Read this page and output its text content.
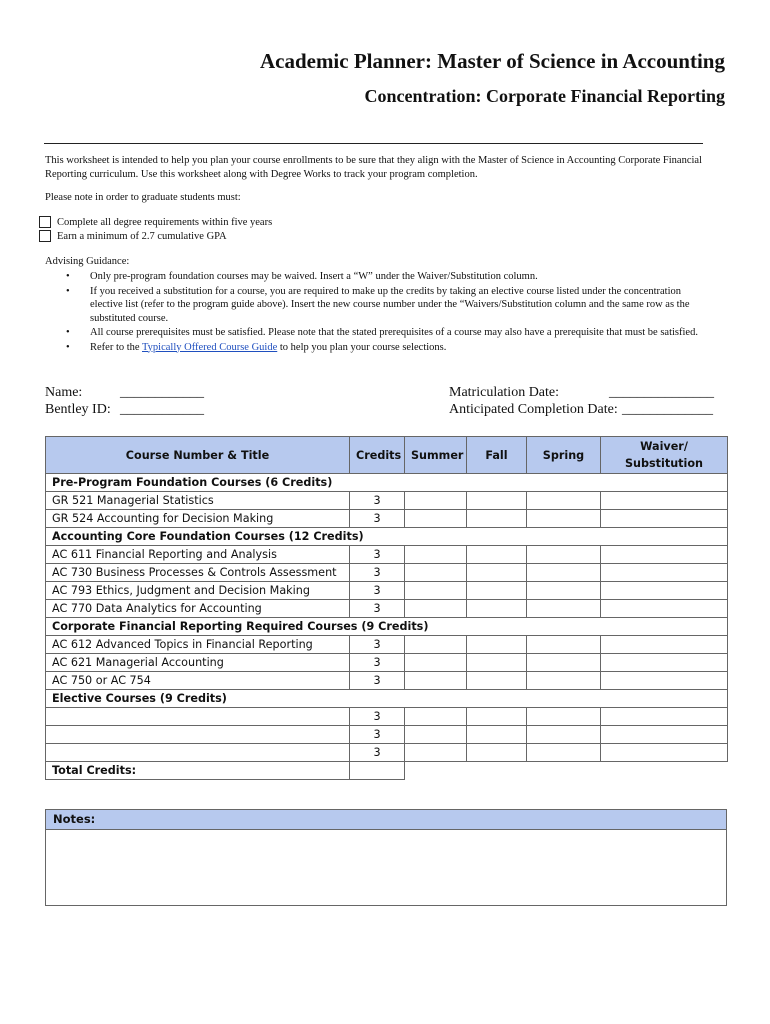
Academic Planner: Master of Science in Accounting
Concentration: Corporate Financial Reporting
This worksheet is intended to help you plan your course enrollments to be sure that they align with the Master of Science in Accounting Corporate Financial Reporting curriculum. Use this worksheet along with Degree Works to track your program completion.
Please note in order to graduate students must:
Complete all degree requirements within five years
Earn a minimum of 2.7 cumulative GPA
Advising Guidance:
• Only pre-program foundation courses may be waived. Insert a “W” under the Waiver/Substitution column.
• If you received a substitution for a course, you are required to make up the credits by taking an elective course listed under the concentration elective list (refer to the program guide above). Insert the new course number under the “Waivers/Substitution column and the same row as the substituted course.
• All course prerequisites must be satisfied. Please note that the stated prerequisites of a course may also have a prerequisite that must be satisfied.
• Refer to the Typically Offered Course Guide to help you plan your course selections.
Name:	____________
Bentley ID: ____________
Matriculation Date:	_______________
Anticipated Completion Date: _____________
Course Number & Title	Credits	Summer	Fall	Spring	Waiver/
Substitution
Pre-Program Foundation Courses (6 Credits)					
GR 521 Managerial Statistics	3				
GR 524 Accounting for Decision Making	3				
Accounting Core Foundation Courses (12 Credits)					
AC 611 Financial Reporting and Analysis	3				
AC 730 Business Processes & Controls Assessment	3				
AC 793 Ethics, Judgment and Decision Making	3				
AC 770 Data Analytics for Accounting	3				
Corporate Financial Reporting Required Courses (9 Credits)					
AC 612 Advanced Topics in Financial Reporting	3				
AC 621 Managerial Accounting	3				
AC 750 or AC 754	3				
Elective Courses (9 Credits)					
	3				
	3				
	3				
Total Credits:					
Notes:
